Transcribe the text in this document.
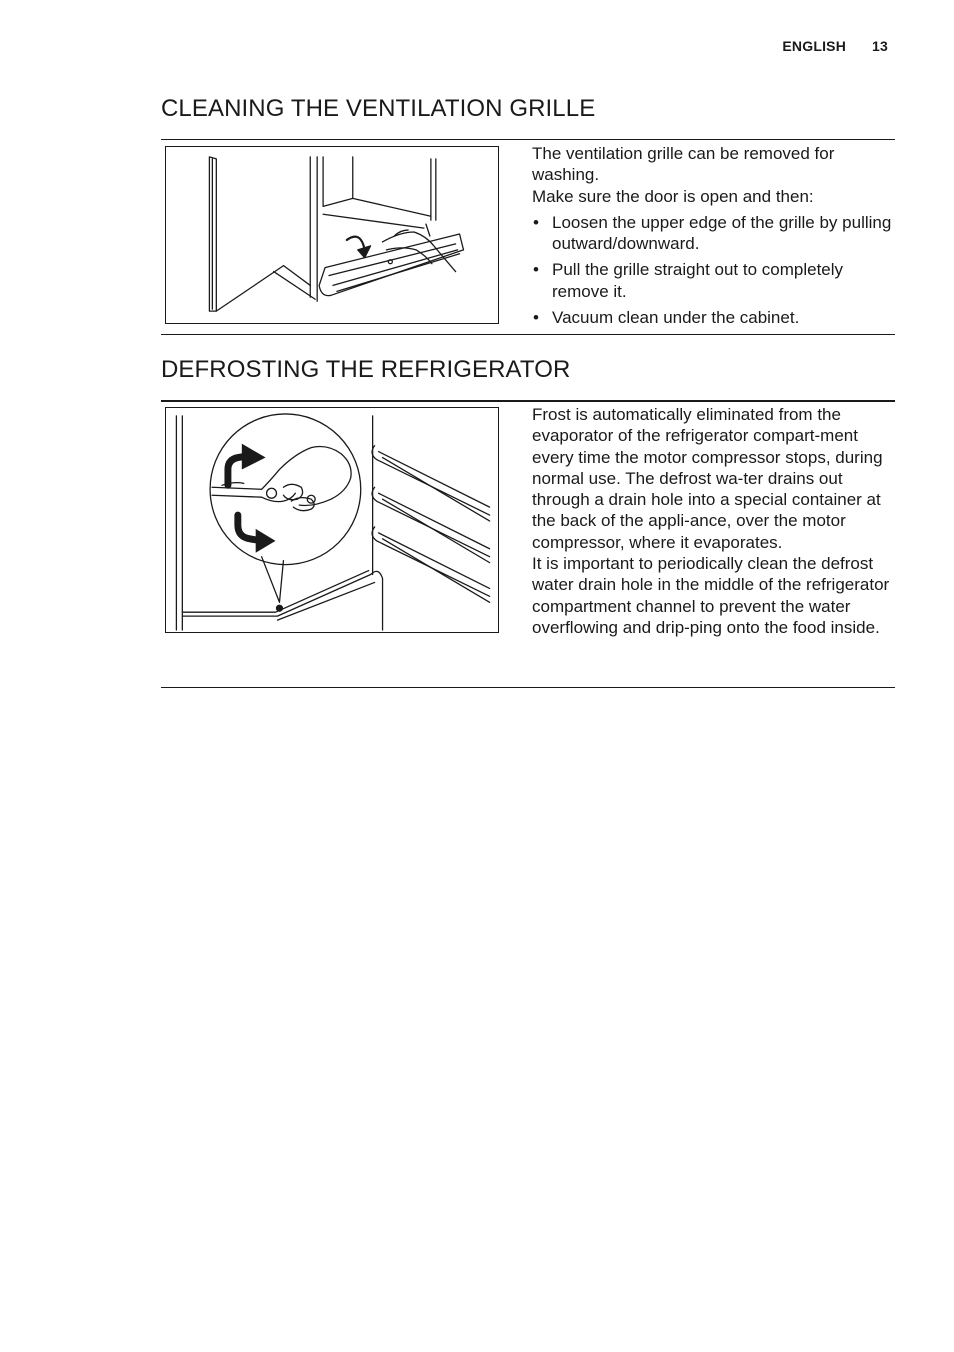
ENGLISH 13
CLEANING THE VENTILATION GRILLE

The ventilation grille can be removed for washing.

Make sure the door is open and then:

• Loosen the upper edge of the grille by pulling outward/downward.
• Pull the grille straight out to completely remove it.
• Vacuum clean under the cabinet.
DEFROSTING THE REFRIGERATOR

Frost is automatically eliminated from the evaporator of the refrigerator compart-ment every time the motor compressor stops, during normal use. The defrost wa-ter drains out through a drain hole into a special container at the back of the appli-ance, over the motor compressor, where it evaporates.

It is important to periodically clean the defrost water drain hole in the middle of the refrigerator compartment channel to prevent the water overflowing and drip-ping onto the food inside.
